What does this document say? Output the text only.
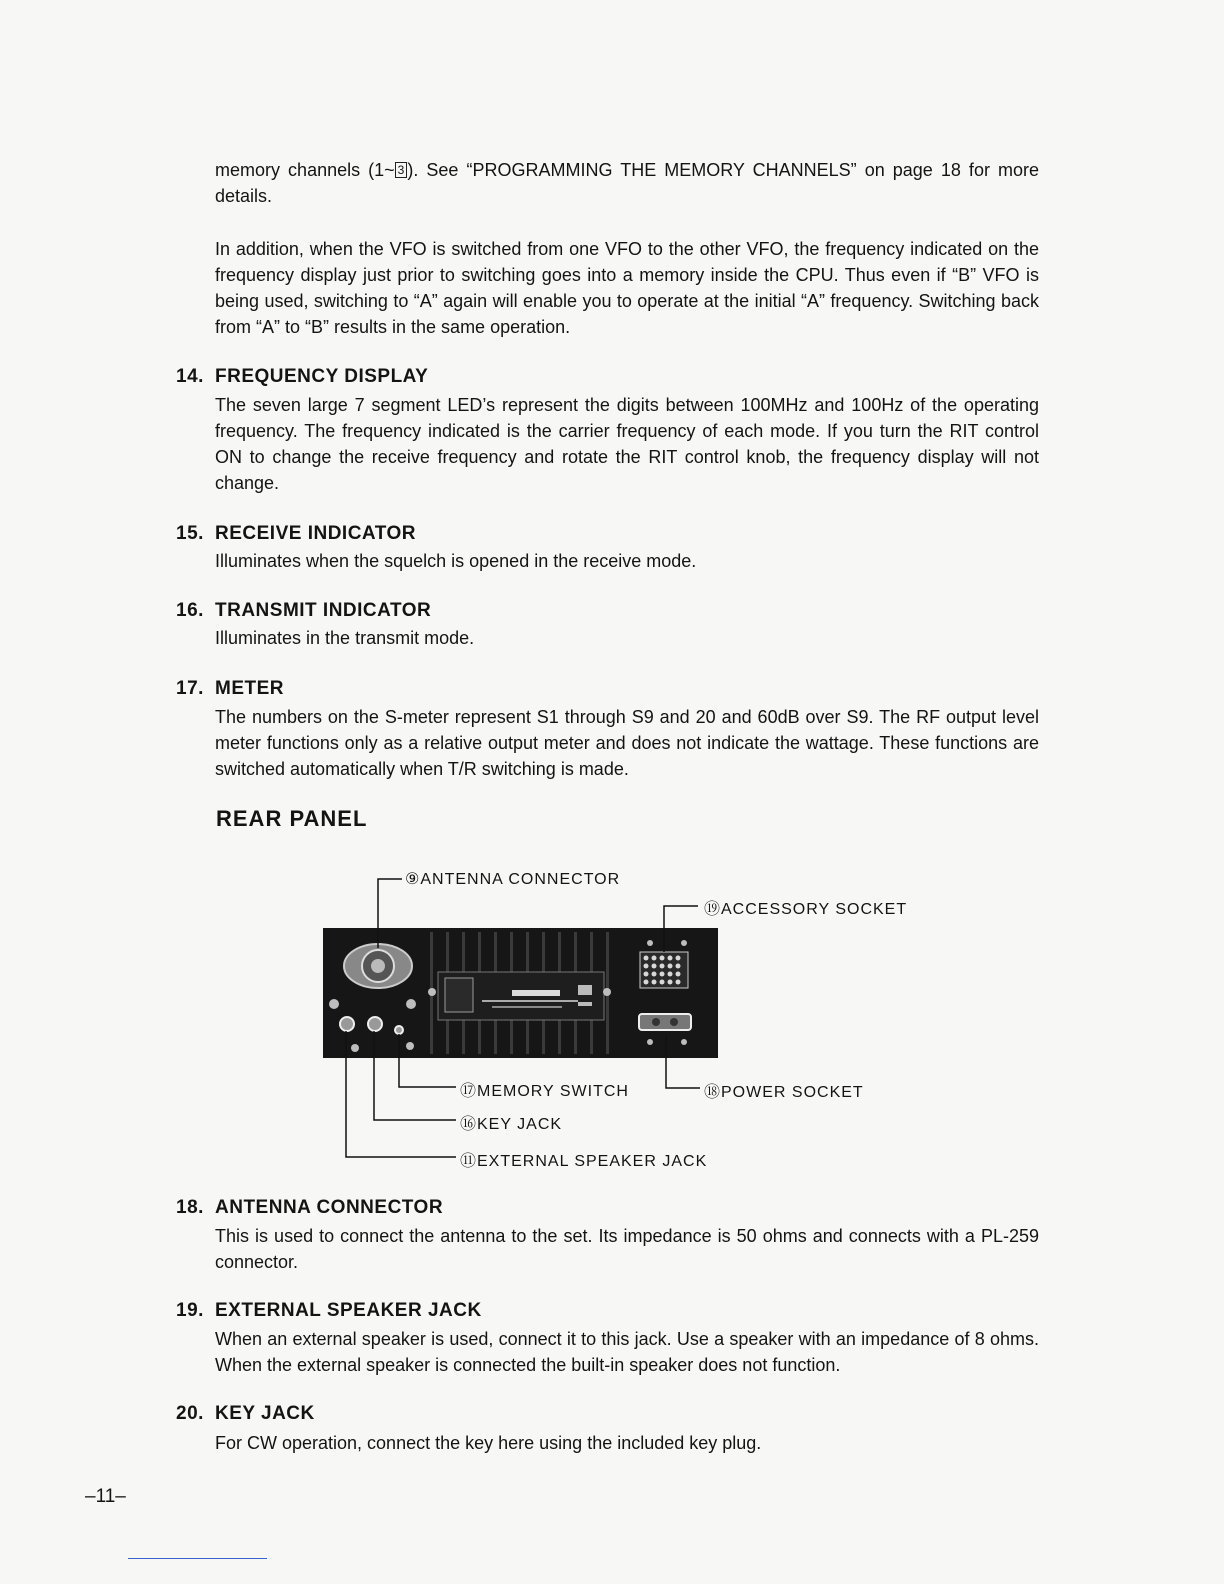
memory channels (1~ 3 ). See “PROGRAMMING THE MEMORY CHANNELS” on page 18 for more details.
In addition, when the VFO is switched from one VFO to the other VFO, the frequency indicated on the frequency display just prior to switching goes into a memory inside the CPU. Thus even if “B” VFO is being used, switching to “A” again will enable you to operate at the initial “A” frequency. Switching back from “A” to “B” results in the same operation.
14. FREQUENCY DISPLAY
The seven large 7 segment LED’s represent the digits between 100MHz and 100Hz of the operating frequency. The frequency indicated is the carrier frequency of each mode. If you turn the RIT control ON to change the receive frequency and rotate the RIT control knob, the frequency display will not change.
15. RECEIVE INDICATOR
Illuminates when the squelch is opened in the receive mode.
16. TRANSMIT INDICATOR
Illuminates in the transmit mode.
17. METER
The numbers on the S-meter represent S1 through S9 and 20 and 60dB over S9. The RF output level meter functions only as a relative output meter and does not indicate the wattage. These functions are switched automatically when T/R switching is made.
REAR PANEL
⑨ANTENNA CONNECTOR
⑲ACCESSORY SOCKET
⑰MEMORY SWITCH	⑱POWER SOCKET
⑯KEY JACK
⑪EXTERNAL SPEAKER JACK
18. ANTENNA CONNECTOR
This is used to connect the antenna to the set. Its impedance is 50 ohms and connects with a PL-259 connector.
19. EXTERNAL SPEAKER JACK
When an external speaker is used, connect it to this jack. Use a speaker with an impedance of 8 ohms. When the external speaker is connected the built-in speaker does not function.
20. KEY JACK
For CW operation, connect the key here using the included key plug.
–11–
